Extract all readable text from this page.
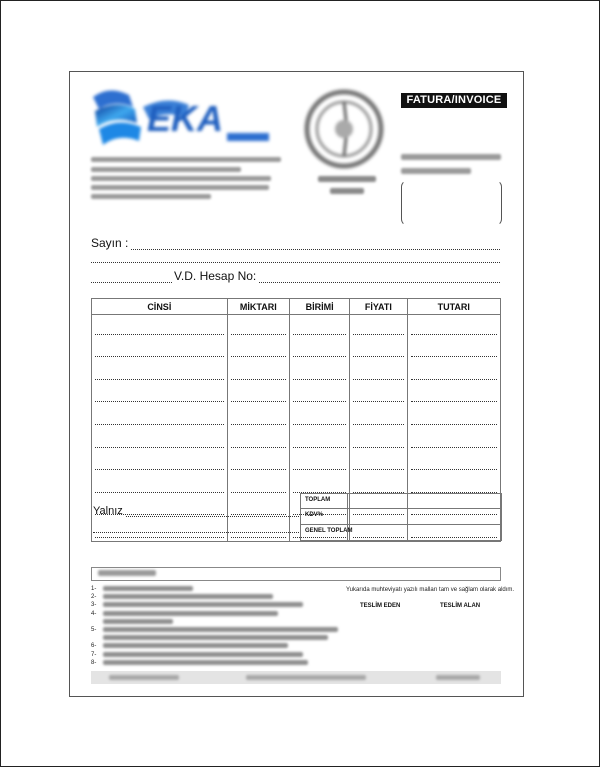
EKA	FATURA/INVOICE
Sayın :
V.D. Hesap No:
CİNSİ	MİKTARI	BİRİMİ	FİYATI	TUTARI

Yalnız
TOPLAM
KDV%
GENEL TOPLAM
1-
2-
3-
4-
5-
6-
7-
8-
Yukarıda muhteviyatı yazılı malları tam ve sağlam olarak aldım.
TESLİM EDEN	TESLİM ALAN
